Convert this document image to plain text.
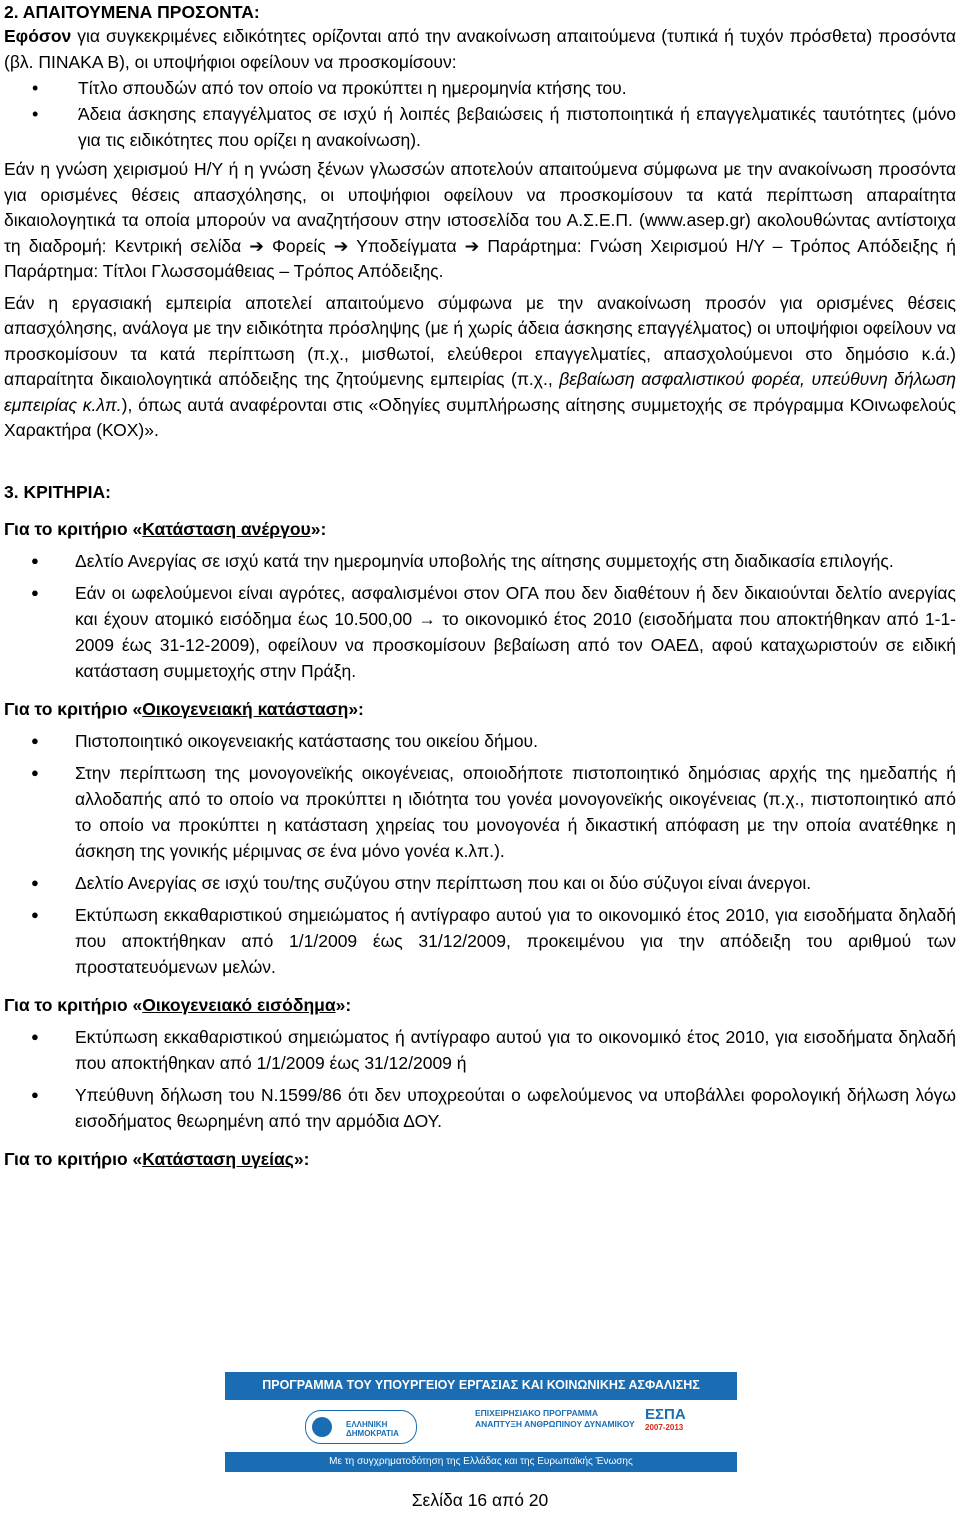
2. ΑΠΑΙΤΟΥΜΕΝΑ ΠΡΟΣΟΝΤΑ:

Εφόσον για συγκεκριμένες ειδικότητες ορίζονται από την ανακοίνωση απαιτούμενα (τυπικά ή τυχόν πρόσθετα) προσόντα (βλ. ΠΙΝΑΚΑ Β), οι υποψήφιοι οφείλουν να προσκομίσουν:

• Τίτλο σπουδών από τον οποίο να προκύπτει η ημερομηνία κτήσης του.
• Άδεια άσκησης επαγγέλματος σε ισχύ ή λοιπές βεβαιώσεις ή πιστοποιητικά ή επαγγελματικές ταυτότητες (μόνο για τις ειδικότητες που ορίζει η ανακοίνωση).

Εάν η γνώση χειρισμού Η/Υ ή η γνώση ξένων γλωσσών αποτελούν απαιτούμενα σύμφωνα με την ανακοίνωση προσόντα για ορισμένες θέσεις απασχόλησης, οι υποψήφιοι οφείλουν να προσκομίσουν τα κατά περίπτωση απαραίτητα δικαιολογητικά τα οποία μπορούν να αναζητήσουν στην ιστοσελίδα του Α.Σ.Ε.Π. (www.asep.gr) ακολουθώντας αντίστοιχα τη διαδρομή: Κεντρική σελίδα ➔ Φορείς ➔ Υποδείγματα ➔ Παράρτημα: Γνώση Χειρισμού Η/Υ – Τρόπος Απόδειξης ή Παράρτημα: Τίτλοι Γλωσσομάθειας – Τρόπος Απόδειξης.

Εάν η εργασιακή εμπειρία αποτελεί απαιτούμενο σύμφωνα με την ανακοίνωση προσόν για ορισμένες θέσεις απασχόλησης, ανάλογα με την ειδικότητα πρόσληψης (με ή χωρίς άδεια άσκησης επαγγέλματος) οι υποψήφιοι οφείλουν να προσκομίσουν τα κατά περίπτωση (π.χ., μισθωτοί, ελεύθεροι επαγγελματίες, απασχολούμενοι στο δημόσιο κ.ά.) απαραίτητα δικαιολογητικά απόδειξης της ζητούμενης εμπειρίας (π.χ., βεβαίωση ασφαλιστικού φορέα, υπεύθυνη δήλωση εμπειρίας κ.λπ.), όπως αυτά αναφέρονται στις «Οδηγίες συμπλήρωσης αίτησης συμμετοχής σε πρόγραμμα ΚΟινωφελούς Χαρακτήρα (ΚΟΧ)».

3. ΚΡΙΤΗΡΙΑ:

Για το κριτήριο «Κατάσταση ανέργου»:

● Δελτίο Ανεργίας σε ισχύ κατά την ημερομηνία υποβολής της αίτησης συμμετοχής στη διαδικασία επιλογής.
● Εάν οι ωφελούμενοι είναι αγρότες, ασφαλισμένοι στον ΟΓΑ που δεν διαθέτουν ή δεν δικαιούνται δελτίο ανεργίας και έχουν ατομικό εισόδημα έως 10.500,00 → το οικονομικό έτος 2010 (εισοδήματα που αποκτήθηκαν από 1-1-2009 έως 31-12-2009), οφείλουν να προσκομίσουν βεβαίωση από τον ΟΑΕΔ, αφού καταχωριστούν σε ειδική κατάσταση συμμετοχής στην Πράξη.

Για το κριτήριο «Οικογενειακή κατάσταση»:

● Πιστοποιητικό οικογενειακής κατάστασης του οικείου δήμου.
● Στην περίπτωση της μονογονεϊκής οικογένειας, οποιοδήποτε πιστοποιητικό δημόσιας αρχής της ημεδαπής ή αλλοδαπής από το οποίο να προκύπτει η ιδιότητα του γονέα μονογονεϊκής οικογένειας (π.χ., πιστοποιητικό από το οποίο να προκύπτει η κατάσταση χηρείας του μονογονέα ή δικαστική απόφαση με την οποία ανατέθηκε η άσκηση της γονικής μέριμνας σε ένα μόνο γονέα κ.λπ.).
● Δελτίο Ανεργίας σε ισχύ του/της συζύγου στην περίπτωση που και οι δύο σύζυγοι είναι άνεργοι.
● Εκτύπωση εκκαθαριστικού σημειώματος ή αντίγραφο αυτού για το οικονομικό έτος 2010, για εισοδήματα δηλαδή που αποκτήθηκαν από 1/1/2009 έως 31/12/2009, προκειμένου για την απόδειξη του αριθμού των προστατευόμενων μελών.

Για το κριτήριο «Οικογενειακό εισόδημα»:

● Εκτύπωση εκκαθαριστικού σημειώματος ή αντίγραφο αυτού για το οικονομικό έτος 2010, για εισοδήματα δηλαδή που αποκτήθηκαν από 1/1/2009 έως 31/12/2009 ή
● Υπεύθυνη δήλωση του Ν.1599/86 ότι δεν υποχρεούται ο ωφελούμενος να υποβάλλει φορολογική δήλωση λόγω εισοδήματος θεωρημένη από την αρμόδια ΔΟΥ.

Για το κριτήριο «Κατάσταση υγείας»:

ΠΡΟΓΡΑΜΜΑ ΤΟΥ ΥΠΟΥΡΓΕΙΟΥ ΕΡΓΑΣΙΑΣ ΚΑΙ ΚΟΙΝΩΝΙΚΗΣ ΑΣΦΑΛΙΣΗΣ
ΕΛΛΗΝΙΚΗ ΔΗΜΟΚΡΑΤΙΑ
ΕΠΙΧΕΙΡΗΣΙΑΚΟ ΠΡΟΓΡΑΜΜΑ
ΑΝΑΠΤΥΞΗ ΑΝΘΡΩΠΙΝΟΥ ΔΥΝΑΜΙΚΟΥ
ΕΣΠΑ
2007-2013
Με τη συγχρηματοδότηση της Ελλάδας και της Ευρωπαϊκής Ένωσης
Σελίδα 16 από 20
